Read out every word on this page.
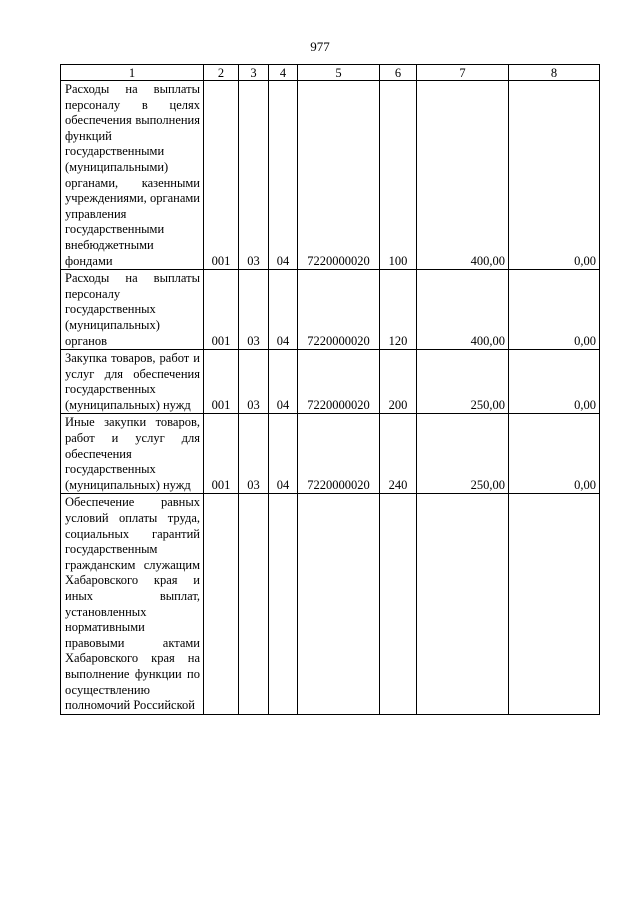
977
1	2	3	4	5	6	7	8
Расходы на выплаты персоналу в целях обеспечения выполнения функций государственными (муниципальными) органами, казенными учреждениями, органами управления государственными внебюджетными фондами	001	03	04	7220000020	100	400,00	0,00
Расходы на выплаты персоналу государственных (муниципальных) органов	001	03	04	7220000020	120	400,00	0,00
Закупка товаров, работ и услуг для обеспечения государственных (муниципальных) нужд	001	03	04	7220000020	200	250,00	0,00
Иные закупки товаров, работ и услуг для обеспечения государственных (муниципальных) нужд	001	03	04	7220000020	240	250,00	0,00
Обеспечение равных условий оплаты труда, социальных гарантий государственным гражданским служащим Хабаровского края и иных выплат, установленных нормативными правовыми актами Хабаровского края на выполнение функции по осуществлению полномочий Российской							
